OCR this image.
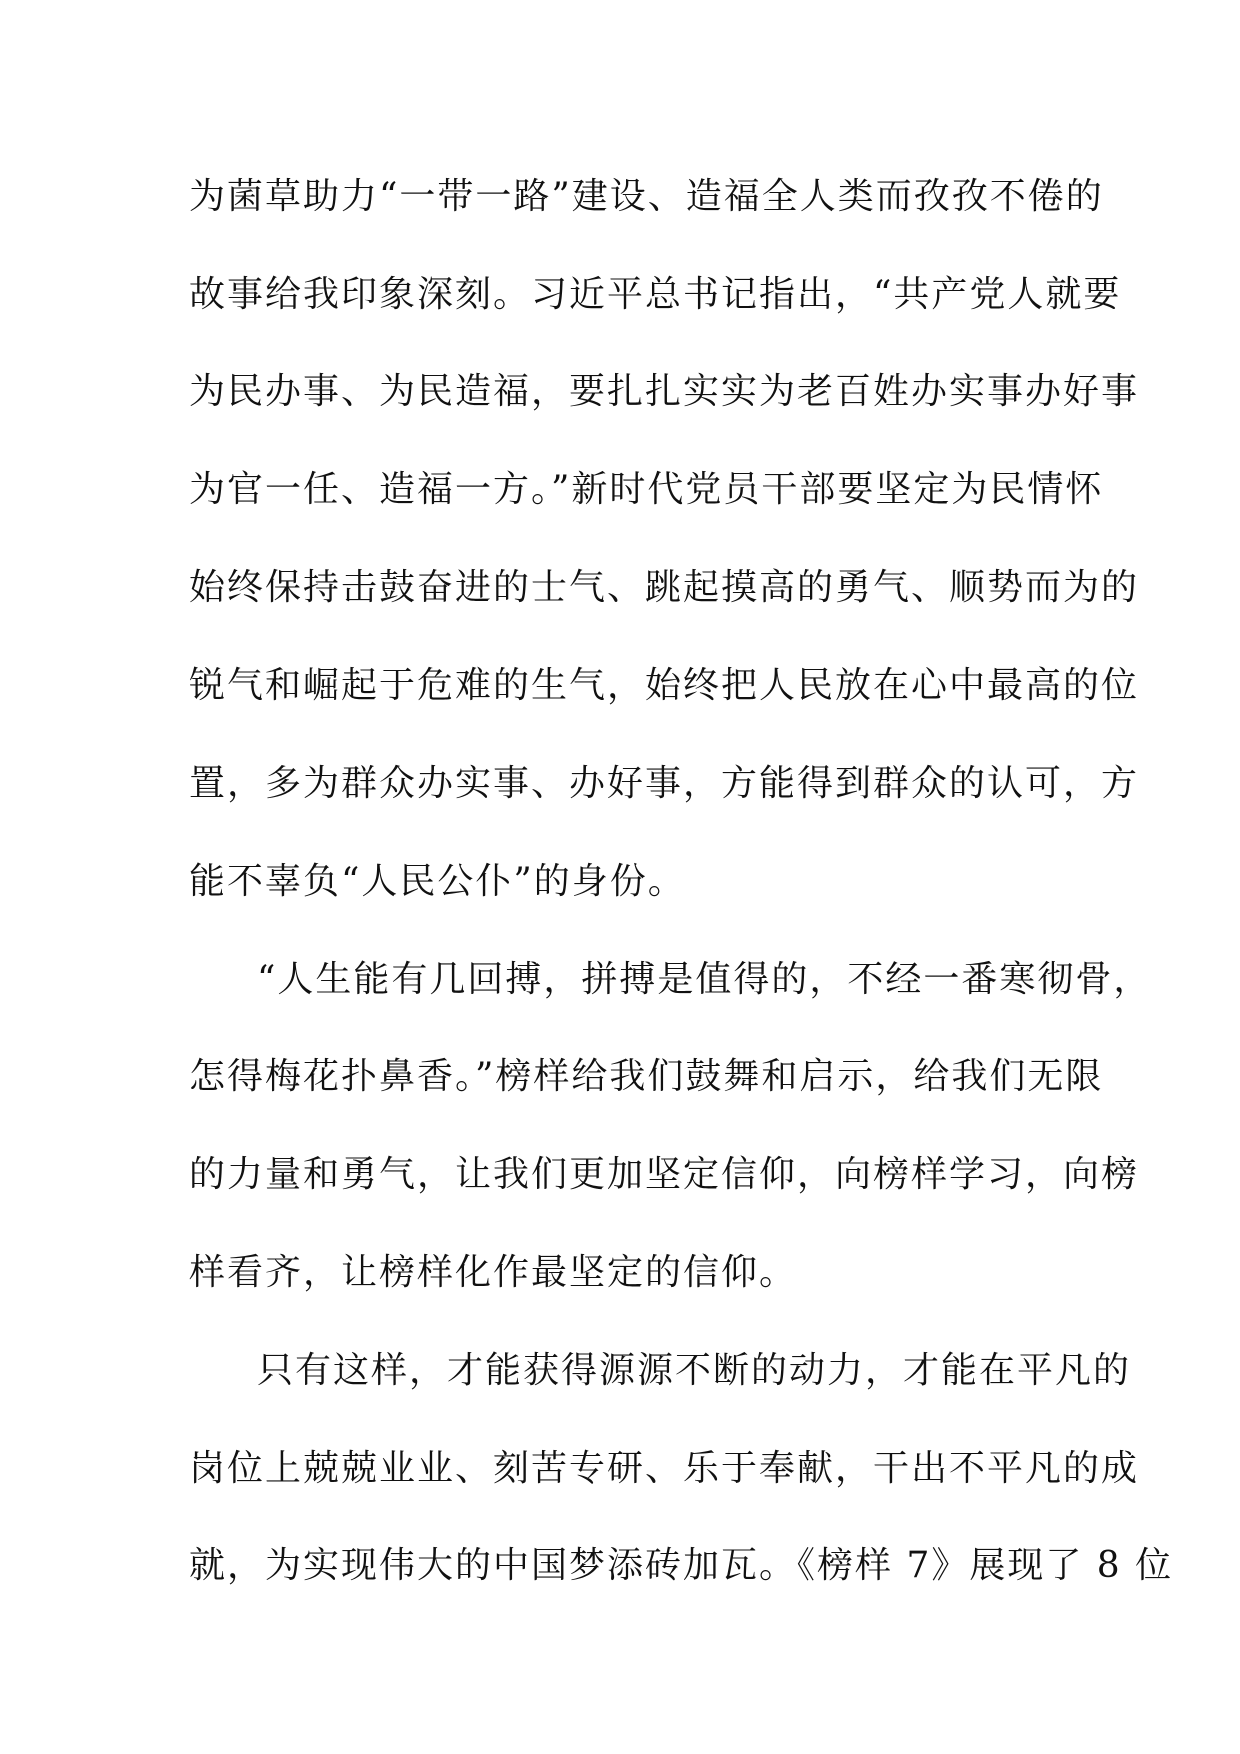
为菌草助力“一带一路”建设、造福全人类而孜孜不倦的
故事给我印象深刻。习近平总书记指出，“共产党人就要
为民办事、为民造福，要扎扎实实为老百姓办实事办好事
为官一任、造福一方。”新时代党员干部要坚定为民情怀
始终保持击鼓奋进的士气、跳起摸高的勇气、顺势而为的
锐气和崛起于危难的生气，始终把人民放在心中最高的位
置，多为群众办实事、办好事，方能得到群众的认可，方
能不辜负“人民公仆”的身份。
“人生能有几回搏，拼搏是值得的，不经一番寒彻骨，
怎得梅花扑鼻香。”榜样给我们鼓舞和启示，给我们无限
的力量和勇气，让我们更加坚定信仰，向榜样学习，向榜
样看齐，让榜样化作最坚定的信仰。
只有这样，才能获得源源不断的动力，才能在平凡的
岗位上兢兢业业、刻苦专研、乐于奉献，干出不平凡的成
就，为实现伟大的中国梦添砖加瓦。《榜样 7》展现了 8 位
